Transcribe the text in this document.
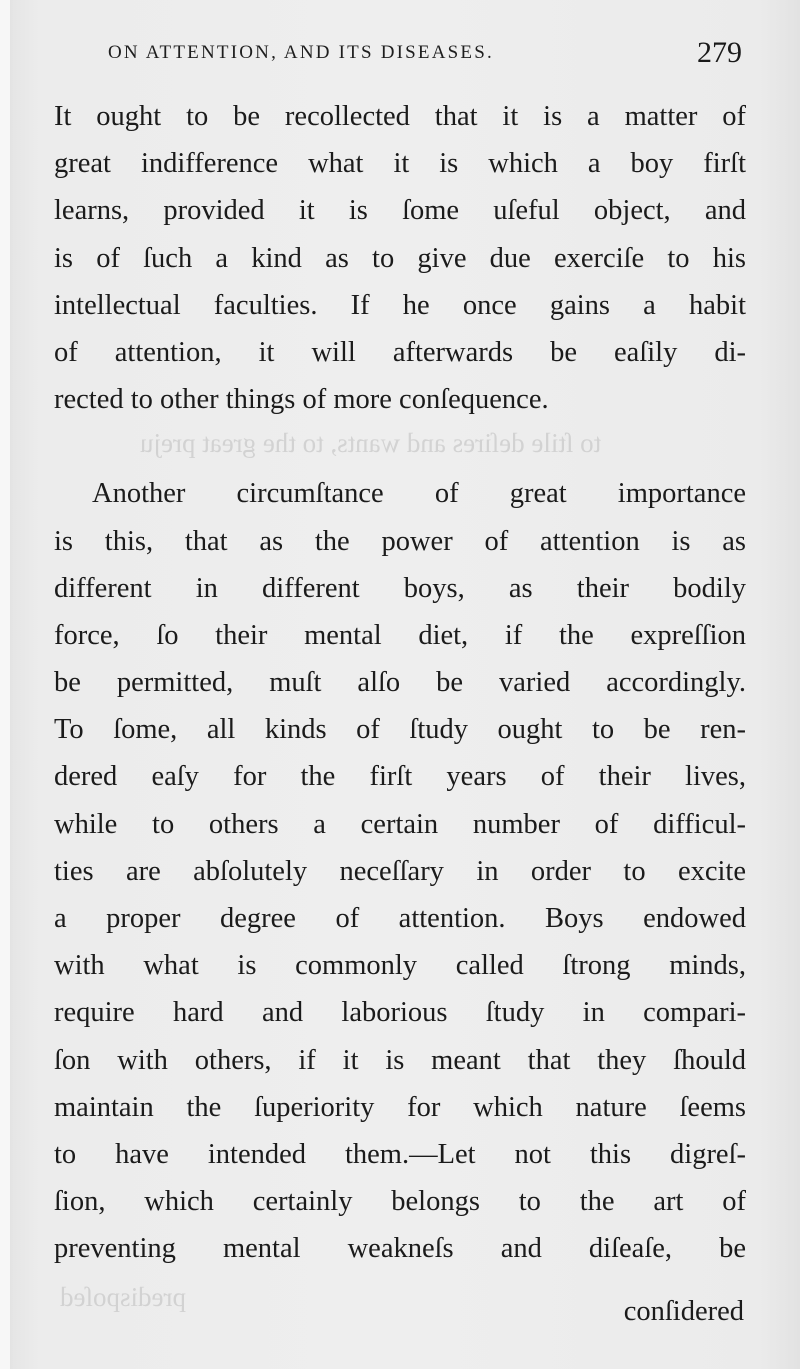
to ſtile deſires and wants, to the great preju
predispoſed
ON ATTENTION, AND ITS DISEASES.	279
It ought to be recollected that it is a matter of
great indifference what it is which a boy firſt
learns, provided it is ſome uſeful object, and
is of ſuch a kind as to give due exerciſe to his
intellectual faculties. If he once gains a habit
of attention, it will afterwards be eaſily di-
rected to other things of more conſequence.
Another circumſtance of great importance
is this, that as the power of attention is as
different in different boys, as their bodily
force, ſo their mental diet, if the expreſſion
be permitted, muſt alſo be varied accordingly.
To ſome, all kinds of ſtudy ought to be ren-
dered eaſy for the firſt years of their lives,
while to others a certain number of difficul-
ties are abſolutely neceſſary in order to excite
a proper degree of attention. Boys endowed
with what is commonly called ſtrong minds,
require hard and laborious ſtudy in compari-
ſon with others, if it is meant that they ſhould
maintain the ſuperiority for which nature ſeems
to have intended them.—Let not this digreſ-
ſion, which certainly belongs to the art of
preventing mental weakneſs and diſeaſe, be
conſidered
